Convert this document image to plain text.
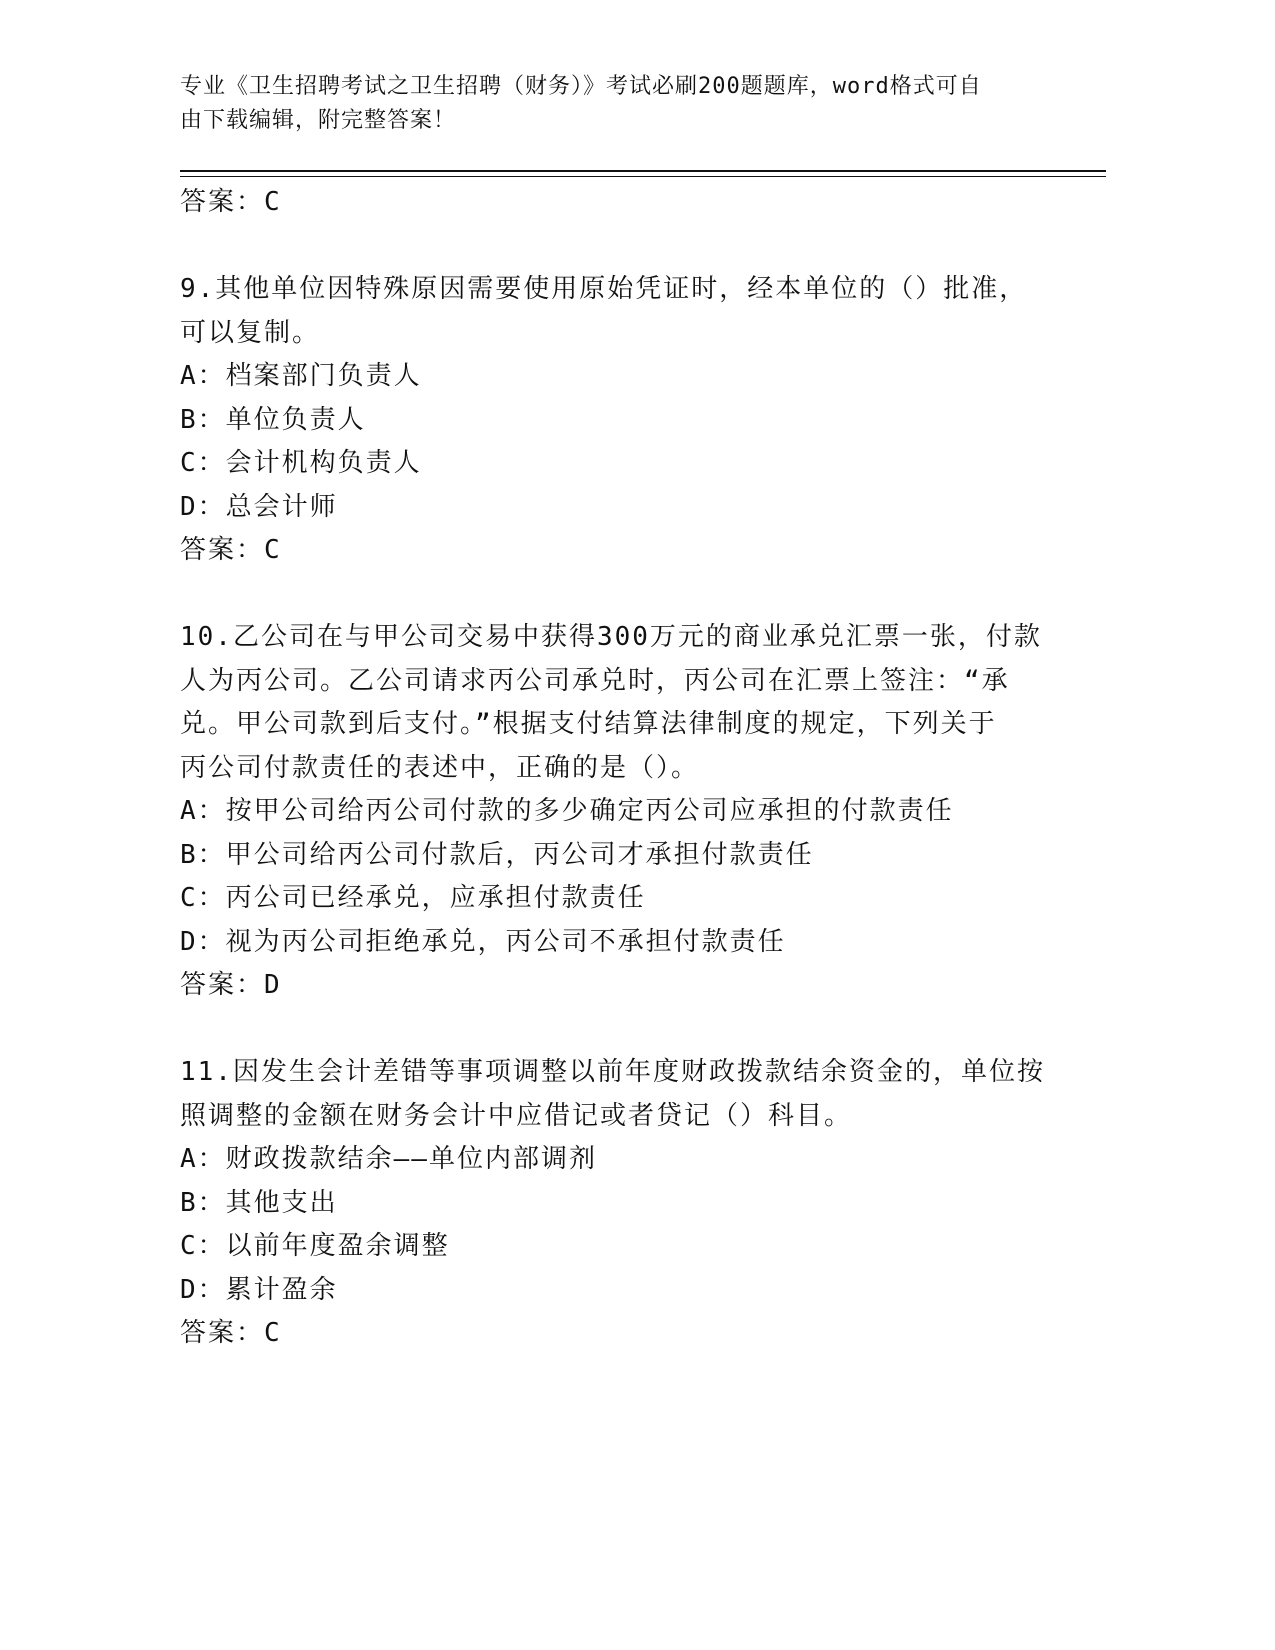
专业《卫生招聘考试之卫生招聘（财务）》考试必刷200题题库，word格式可自

由下载编辑，附完整答案！

答案：C
9.其他单位因特殊原因需要使用原始凭证时，经本单位的（）批准，
可以复制。
A：档案部门负责人
B：单位负责人
C：会计机构负责人
D：总会计师
答案：C
10.乙公司在与甲公司交易中获得300万元的商业承兑汇票一张，付款
人为丙公司。乙公司请求丙公司承兑时，丙公司在汇票上签注：“承
兑。甲公司款到后支付。”根据支付结算法律制度的规定，下列关于
丙公司付款责任的表述中，正确的是（）。
A：按甲公司给丙公司付款的多少确定丙公司应承担的付款责任
B：甲公司给丙公司付款后，丙公司才承担付款责任
C：丙公司已经承兑，应承担付款责任
D：视为丙公司拒绝承兑，丙公司不承担付款责任
答案：D
11.因发生会计差错等事项调整以前年度财政拨款结余资金的，单位按
照调整的金额在财务会计中应借记或者贷记（）科目。
A：财政拨款结余——单位内部调剂
B：其他支出
C：以前年度盈余调整
D：累计盈余
答案：C
